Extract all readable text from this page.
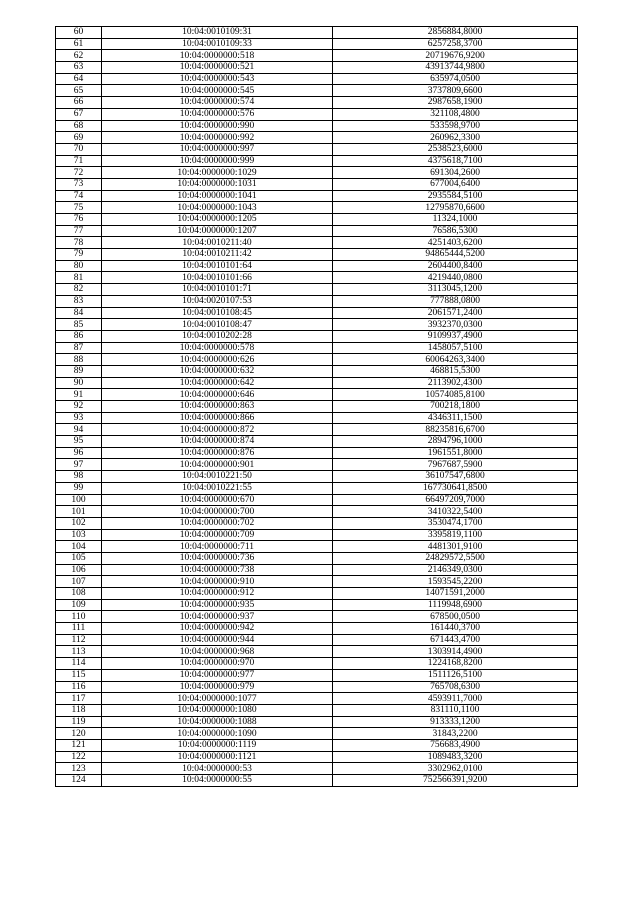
60	10:04:0010109:31	2856884,8000
61	10:04:0010109:33	6257258,3700
62	10:04:0000000:518	20719676,9200
63	10:04:0000000:521	43913744,9800
64	10:04:0000000:543	635974,0500
65	10:04:0000000:545	3737809,6600
66	10:04:0000000:574	2987658,1900
67	10:04:0000000:576	321108,4800
68	10:04:0000000:990	533598,9700
69	10:04:0000000:992	260962,3300
70	10:04:0000000:997	2538523,6000
71	10:04:0000000:999	4375618,7100
72	10:04:0000000:1029	691304,2600
73	10:04:0000000:1031	677004,6400
74	10:04:0000000:1041	2935584,5100
75	10:04:0000000:1043	12795870,6600
76	10:04:0000000:1205	11324,1000
77	10:04:0000000:1207	76586,5300
78	10:04:0010211:40	4251403,6200
79	10:04:0010211:42	94865444,5200
80	10:04:0010101:64	2604400,8400
81	10:04:0010101:66	4219440,0800
82	10:04:0010101:71	3113045,1200
83	10:04:0020107:53	777888,0800
84	10:04:0010108:45	2061571,2400
85	10:04:0010108:47	3932370,0300
86	10:04:0010202:28	9109937,4900
87	10:04:0000000:578	1458057,5100
88	10:04:0000000:626	60064263,3400
89	10:04:0000000:632	468815,5300
90	10:04:0000000:642	2113902,4300
91	10:04:0000000:646	10574085,8100
92	10:04:0000000:863	700218,1800
93	10:04:0000000:866	4346311,1500
94	10:04:0000000:872	88235816,6700
95	10:04:0000000:874	2894796,1000
96	10:04:0000000:876	1961551,8000
97	10:04:0000000:901	7967687,5900
98	10:04:0010221:50	36107547,6800
99	10:04:0010221:55	167730641,8500
100	10:04:0000000:670	66497209,7000
101	10:04:0000000:700	3410322,5400
102	10:04:0000000:702	3530474,1700
103	10:04:0000000:709	3395819,1100
104	10:04:0000000:711	4481301,9100
105	10:04:0000000:736	24829572,5500
106	10:04:0000000:738	2146349,0300
107	10:04:0000000:910	1593545,2200
108	10:04:0000000:912	14071591,2000
109	10:04:0000000:935	1119948,6900
110	10:04:0000000:937	678500,0500
111	10:04:0000000:942	161440,3700
112	10:04:0000000:944	671443,4700
113	10:04:0000000:968	1303914,4900
114	10:04:0000000:970	1224168,8200
115	10:04:0000000:977	1511126,5100
116	10:04:0000000:979	765708,6300
117	10:04:0000000:1077	4593911,7000
118	10:04:0000000:1080	831110,1100
119	10:04:0000000:1088	913333,1200
120	10:04:0000000:1090	31843,2200
121	10:04:0000000:1119	756683,4900
122	10:04:0000000:1121	1089483,3200
123	10:04:0000000:53	3302962,0100
124	10:04:0000000:55	752566391,9200
